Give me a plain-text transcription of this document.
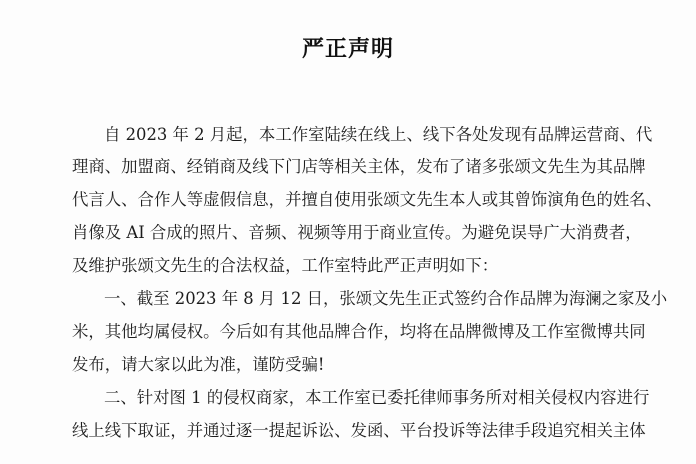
严正声明
自 2023 年 2 月起，本工作室陆续在线上、线下各处发现有品牌运营商、代
理商、加盟商、经销商及线下门店等相关主体，发布了诸多张颂文先生为其品牌
代言人、合作人等虚假信息，并擅自使用张颂文先生本人或其曾饰演角色的姓名、
肖像及 AI 合成的照片、音频、视频等用于商业宣传。为避免误导广大消费者，
及维护张颂文先生的合法权益，工作室特此严正声明如下：
一、截至 2023 年 8 月 12 日，张颂文先生正式签约合作品牌为海澜之家及小
米，其他均属侵权。今后如有其他品牌合作，均将在品牌微博及工作室微博共同
发布，请大家以此为准，谨防受骗!
二、针对图 1 的侵权商家，本工作室已委托律师事务所对相关侵权内容进行
线上线下取证，并通过逐一提起诉讼、发函、平台投诉等法律手段追究相关主体
